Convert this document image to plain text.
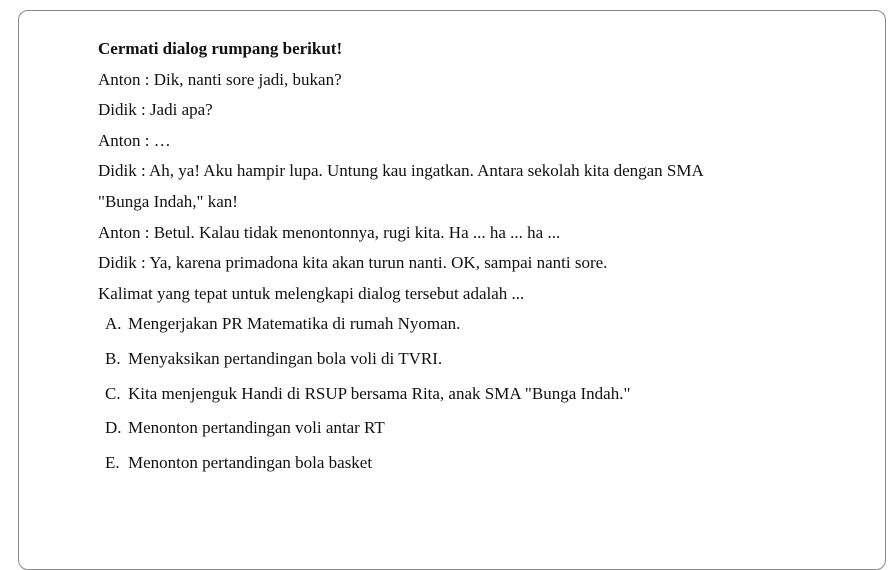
Cermati dialog rumpang berikut!
Anton : Dik, nanti sore jadi, bukan?
Didik : Jadi apa?
Anton : …
Didik : Ah, ya! Aku hampir lupa. Untung kau ingatkan. Antara sekolah kita dengan SMA
"Bunga Indah," kan!
Anton : Betul. Kalau tidak menontonnya, rugi kita. Ha ... ha ... ha ...
Didik : Ya, karena primadona kita akan turun nanti. OK, sampai nanti sore.
Kalimat yang tepat untuk melengkapi dialog tersebut adalah ...
A. Mengerjakan PR Matematika di rumah Nyoman.
B. Menyaksikan pertandingan bola voli di TVRI.
C. Kita menjenguk Handi di RSUP bersama Rita, anak SMA "Bunga Indah."
D. Menonton pertandingan voli antar RT
E. Menonton pertandingan bola basket
